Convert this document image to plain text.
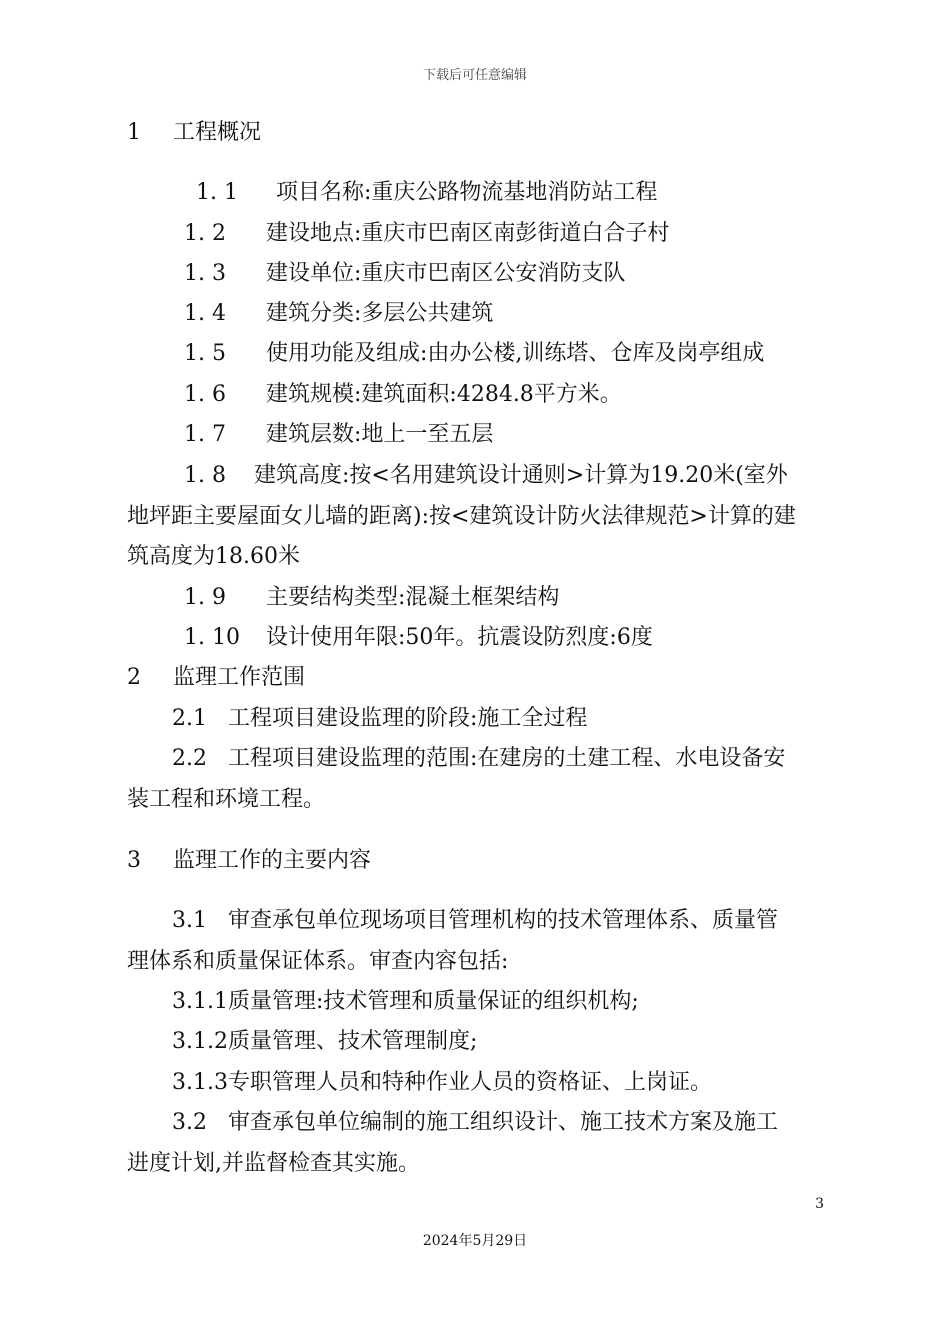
下载后可任意编辑
1 工程概况
1. 1 项目名称:重庆公路物流基地消防站工程
1. 2 建设地点:重庆市巴南区南彭街道白合子村
1. 3 建设单位:重庆市巴南区公安消防支队
1. 4 建筑分类:多层公共建筑
1. 5 使用功能及组成:由办公楼,训练塔、仓库及岗亭组成
1. 6 建筑规模:建筑面积:4284.8平方米。
1. 7 建筑层数:地上一至五层
1. 8    建筑高度:按<名用建筑设计通则>计算为19.20米(室外
地坪距主要屋面女儿墙的距离):按<建筑设计防火法律规范>计算的建
筑高度为18.60米
1. 9 主要结构类型:混凝土框架结构
1. 10 设计使用年限:50年。抗震设防烈度:6度
2 监理工作范围
2.1   工程项目建设监理的阶段:施工全过程
2.2   工程项目建设监理的范围:在建房的土建工程、水电设备安
装工程和环境工程。
3 监理工作的主要内容
3.1   审查承包单位现场项目管理机构的技术管理体系、质量管
理体系和质量保证体系。审查内容包括:
3.1.1质量管理:技术管理和质量保证的组织机构;
3.1.2质量管理、技术管理制度;
3.1.3专职管理人员和特种作业人员的资格证、上岗证。
3.2   审查承包单位编制的施工组织设计、施工技术方案及施工
进度计划,并监督检查其实施。
3
2024年5月29日
